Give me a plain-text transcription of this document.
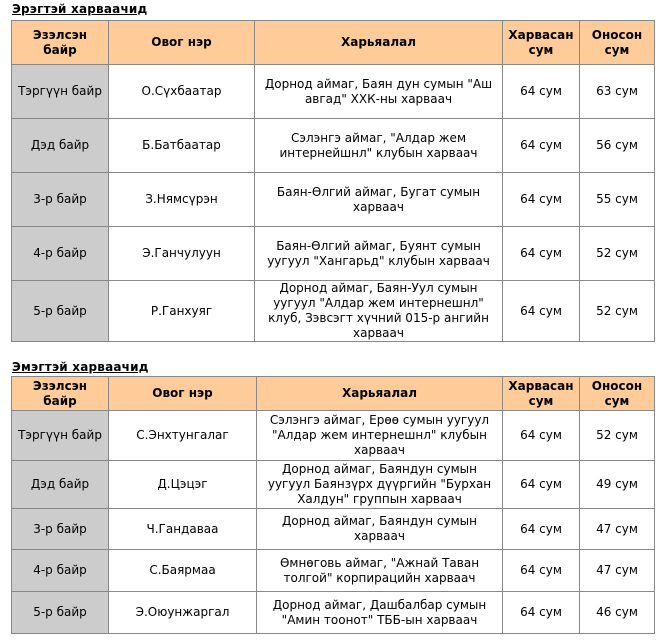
Эрэгтэй харваачид
Эзэлсэн байр	Овог нэр	Харьяалал	Харвасан сум	Оносон сум
Тэргүүн байр	О.Сүхбаатар	Дорнод аймаг, Баян дун сумын "Аш авгад" ХХК-ны харваач	64 сум	63 сум
Дэд байр	Б.Батбаатар	Сэлэнгэ аймаг, "Алдар жем интернейшнл" клубын харваач	64 сум	56 сум
3-р байр	З.Нямсүрэн	Баян-Өлгий аймаг, Бугат сумын харваач	64 сум	55 сум
4-р байр	Э.Ганчулуун	Баян-Өлгий аймаг, Буянт сумын уугуул "Хангарьд" клубын харваач	64 сум	52 сум
5-р байр	Р.Ганхуяг	Дорнод аймаг, Баян-Уул сумын уугуул "Алдар жем интернешнл" клуб, Зэвсэгт хүчний 015-р ангийн харваач	64 сум	52 сум
Эмэгтэй харваачид
Эзэлсэн байр	Овог нэр	Харьяалал	Харвасан сум	Оносон сум
Тэргүүн байр	С.Энхтунгалаг	Сэлэнгэ аймаг, Ерөө сумын уугуул "Алдар жем интернешнл" клубын харваач	64 сум	52 сум
Дэд байр	Д.Цэцэг	Дорнод аймаг, Баяндун сумын уугуул Баянзүрх дүүргийн "Бурхан Халдун" группын харваач	64 сум	49 сум
3-р байр	Ч.Гандаваа	Дорнод аймаг, Баяндун сумын харваач	64 сум	47 сум
4-р байр	С.Баярмаа	Өмнөговь аймаг, "Ажнай Таван толгой" корпирацийн харваач	64 сум	47 сум
5-р байр	Э.Оюунжаргал	Дорнод аймаг, Дашбалбар сумын "Амин тоонот" ТББ-ын харваач	64 сум	46 сум
